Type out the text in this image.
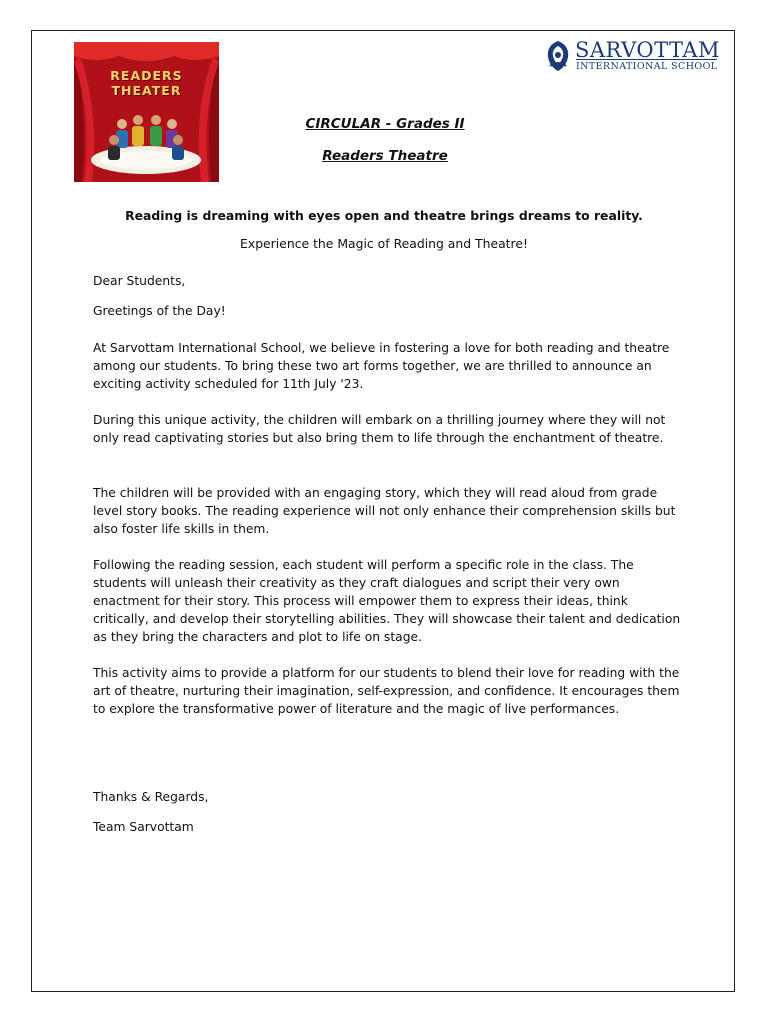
READERS
THEATER
SARVOTTAM
INTERNATIONAL SCHOOL
CIRCULAR - Grades II
Readers Theatre
Reading is dreaming with eyes open and theatre brings dreams to reality.
Experience the Magic of Reading and Theatre!
Dear Students,
Greetings of the Day!

At Sarvottam International School, we believe in fostering a love for both reading and theatre among our students. To bring these two art forms together, we are thrilled to announce an exciting activity scheduled for 11th July '23.

During this unique activity, the children will embark on a thrilling journey where they will not only read captivating stories but also bring them to life through the enchantment of theatre.

The children will be provided with an engaging story, which they will read aloud from grade level story books. The reading experience will not only enhance their comprehension skills but also foster life skills in them.

Following the reading session, each student will perform a specific role in the class. The students will unleash their creativity as they craft dialogues and script their very own enactment for their story. This process will empower them to express their ideas, think critically, and develop their storytelling abilities. They will showcase their talent and dedication as they bring the characters and plot to life on stage.

This activity aims to provide a platform for our students to blend their love for reading with the art of theatre, nurturing their imagination, self-expression, and confidence. It encourages them to explore the transformative power of literature and the magic of live performances.

Thanks & Regards,
Team Sarvottam
